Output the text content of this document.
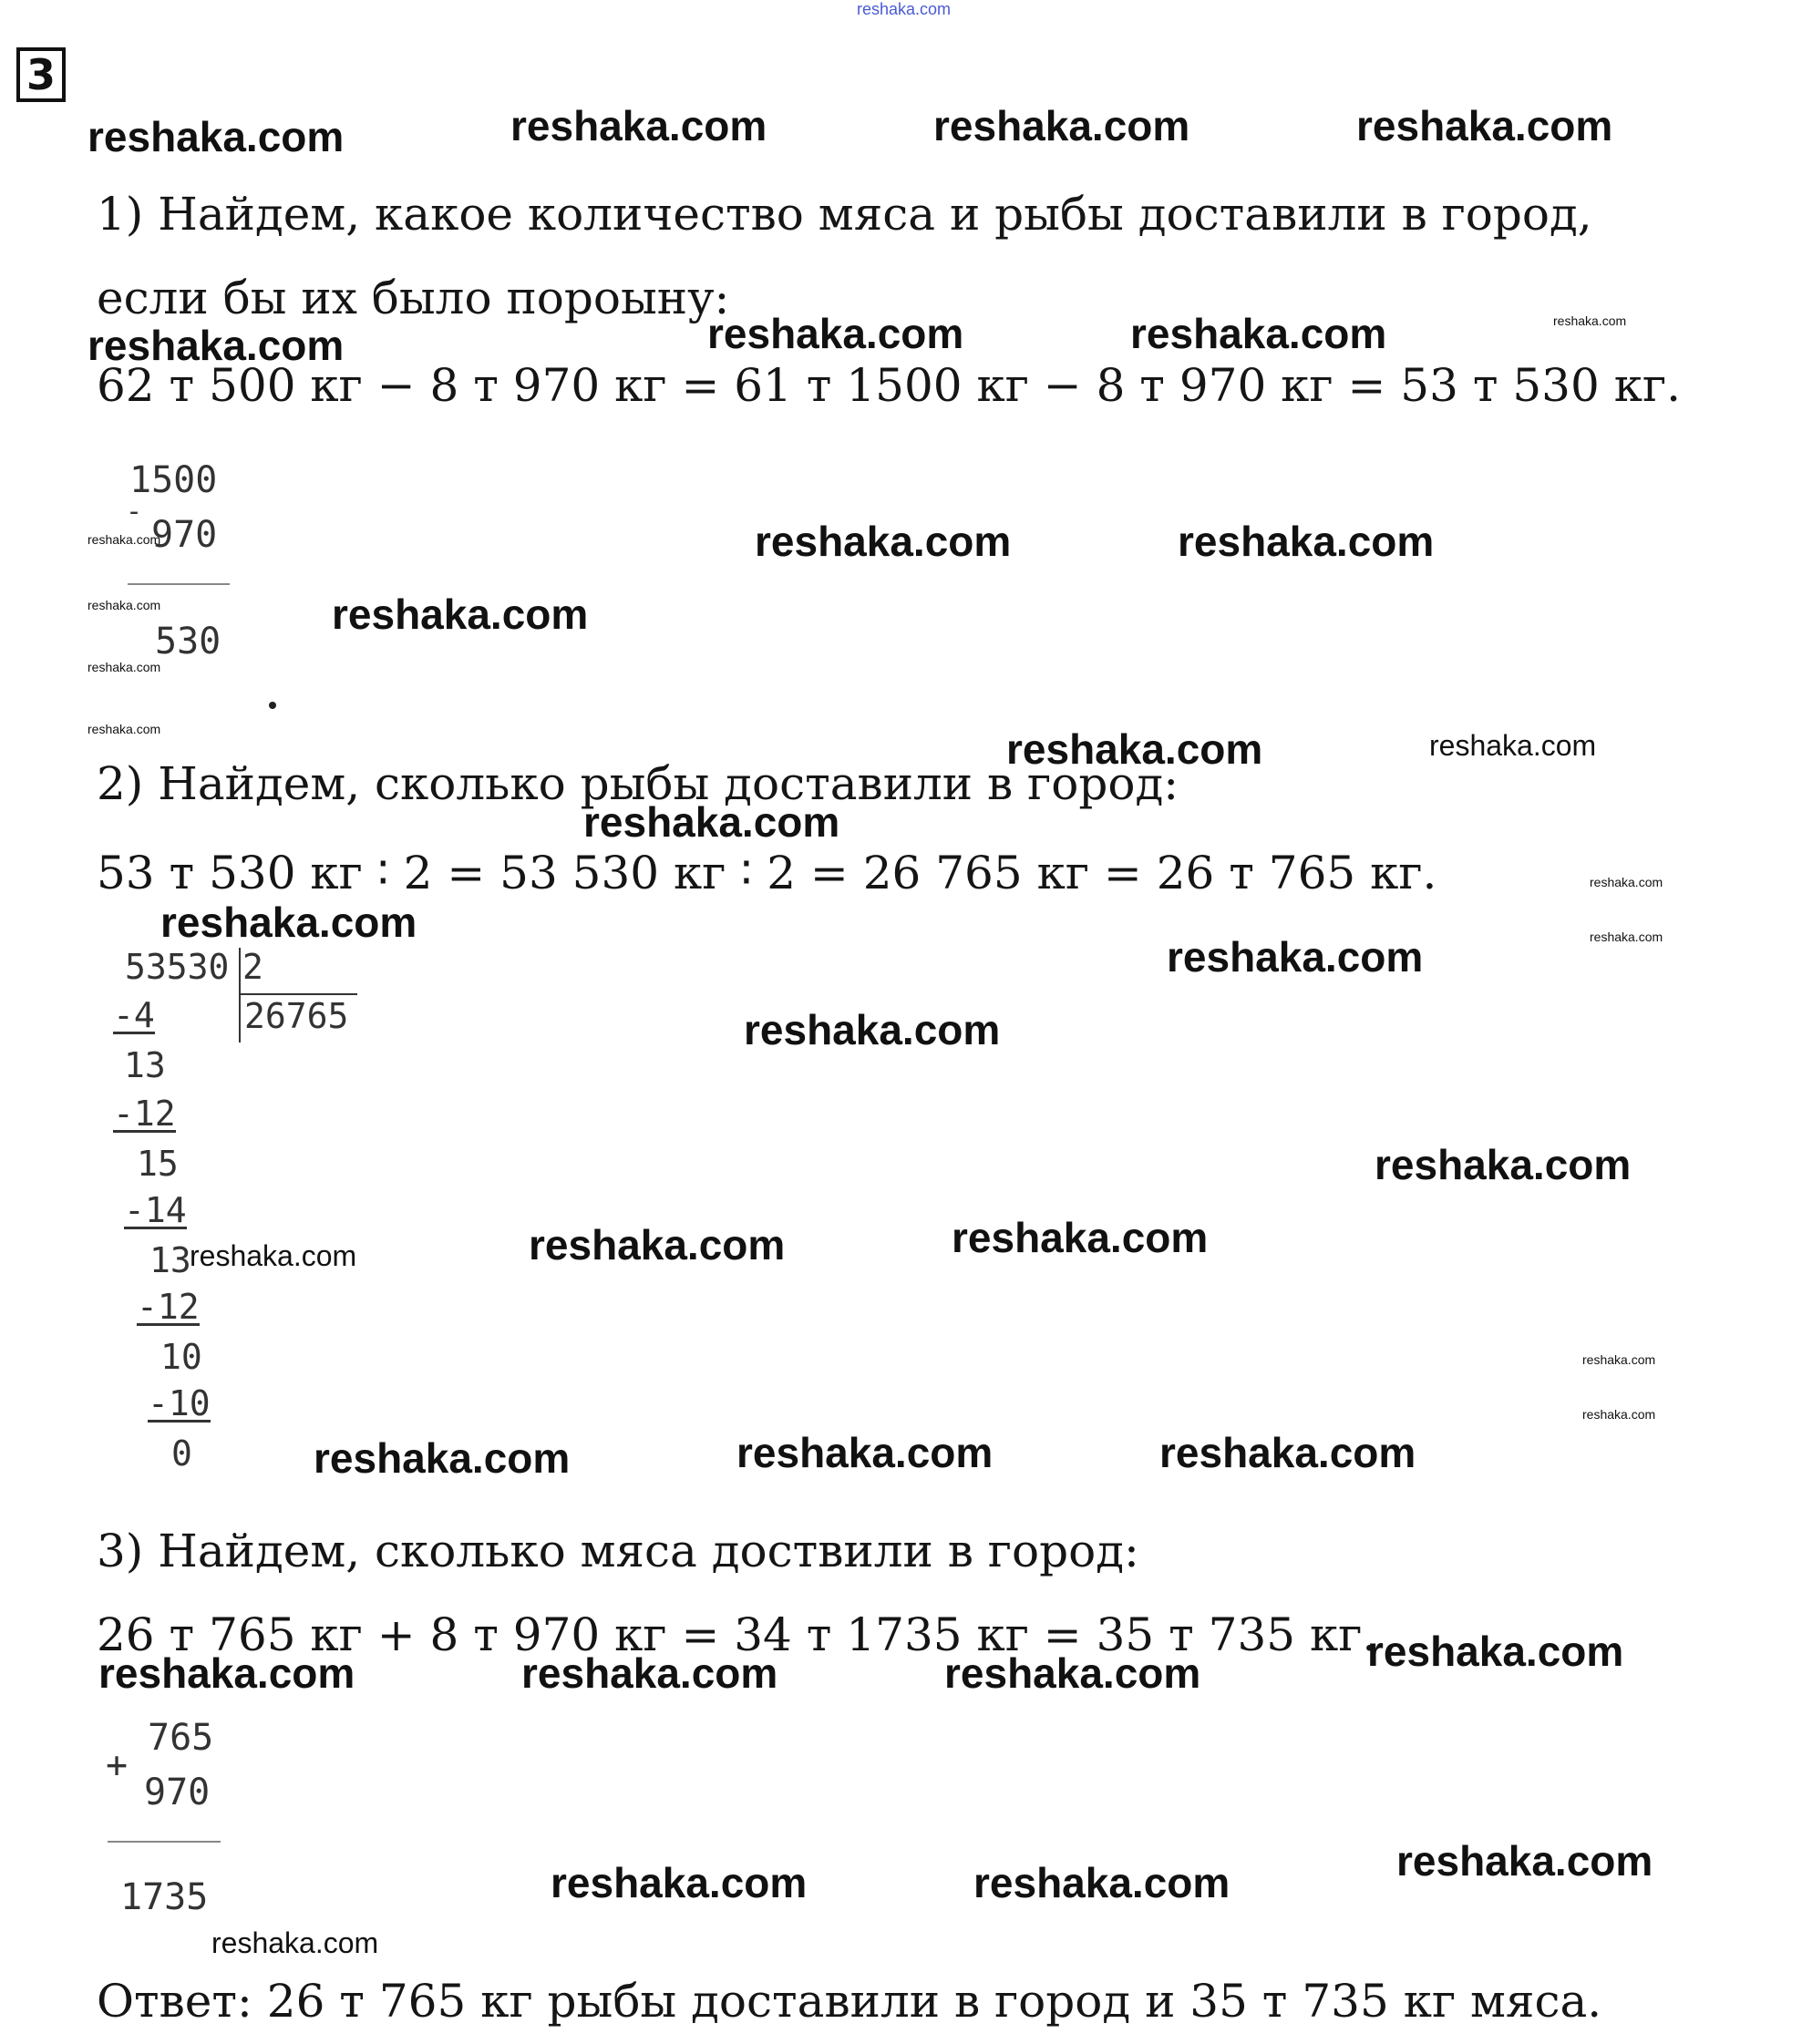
reshaka.com
3
1) Найдем, какое количество мяса и рыбы доставили в город,
если бы их было пороыну:
62 т 500 кг − 8 т 970 кг = 61 т 1500 кг − 8 т 970 кг = 53 т 530 кг.
1500
-
970
530
2) Найдем, сколько рыбы доставили в город:
53 т 530 кг ∶ 2 = 53 530 кг ∶ 2 = 26 765 кг = 26 т 765 кг.
53530 2
26765
-4
13
-12
15
-14
13
-12
10
-10
0
3) Найдем, сколько мяса доствили в город:
26 т 765 кг + 8 т 970 кг = 34 т 1735 кг = 35 т 735 кг.
765
+
970
1735
Ответ: 26 т 765 кг рыбы доставили в город и 35 т 735 кг мяса.
reshaka.com	reshaka.com	reshaka.com	reshaka.com
reshaka.com	reshaka.com	reshaka.com
reshaka.com	reshaka.com
reshaka.com
reshaka.com
reshaka.com
reshaka.com
reshaka.com
reshaka.com
reshaka.com
reshaka.com
reshaka.com
reshaka.com
reshaka.com
reshaka.com
reshaka.com
reshaka.com	reshaka.com	reshaka.com
reshaka.com
reshaka.com	reshaka.com
reshaka.com
reshaka.com
reshaka.com
reshaka.com
reshaka.com
reshaka.com
reshaka.com
reshaka.com
reshaka.com
reshaka.com
reshaka.com
reshaka.com
